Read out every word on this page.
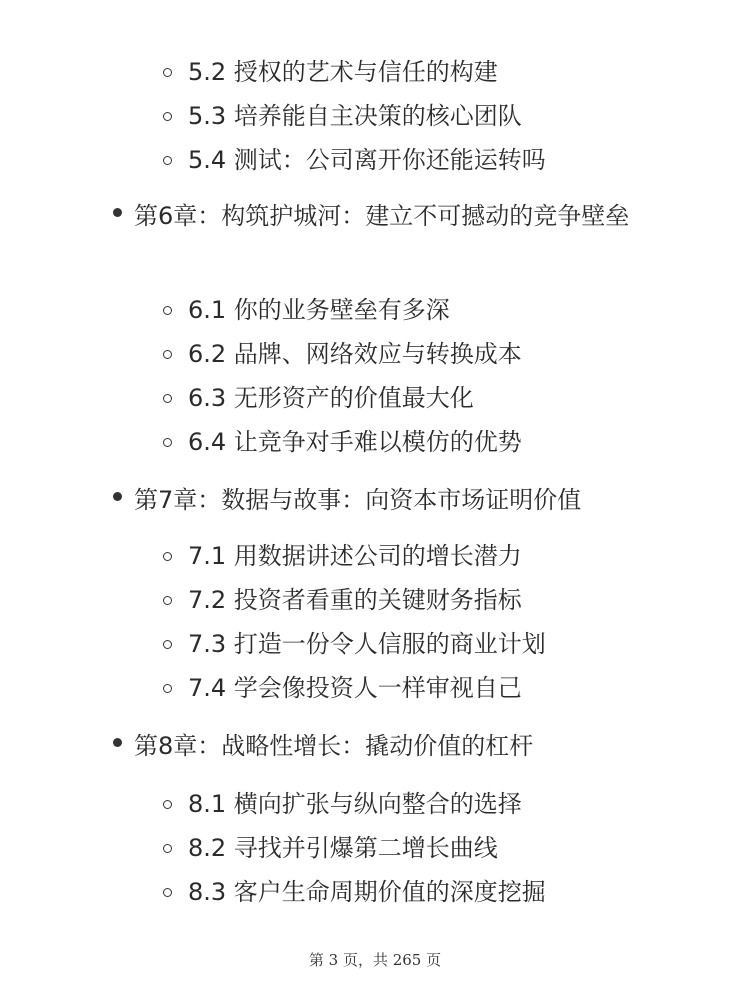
5.2 授权的艺术与信任的构建
5.3 培养能自主决策的核心团队
5.4 测试：公司离开你还能运转吗
第6章：构筑护城河：建立不可撼动的竞争壁垒
6.1 你的业务壁垒有多深
6.2 品牌、网络效应与转换成本
6.3 无形资产的价值最大化
6.4 让竞争对手难以模仿的优势
第7章：数据与故事：向资本市场证明价值
7.1 用数据讲述公司的增长潜力
7.2 投资者看重的关键财务指标
7.3 打造一份令人信服的商业计划
7.4 学会像投资人一样审视自己
第8章：战略性增长：撬动价值的杠杆
8.1 横向扩张与纵向整合的选择
8.2 寻找并引爆第二增长曲线
8.3 客户生命周期价值的深度挖掘
第 3 页，共 265 页
